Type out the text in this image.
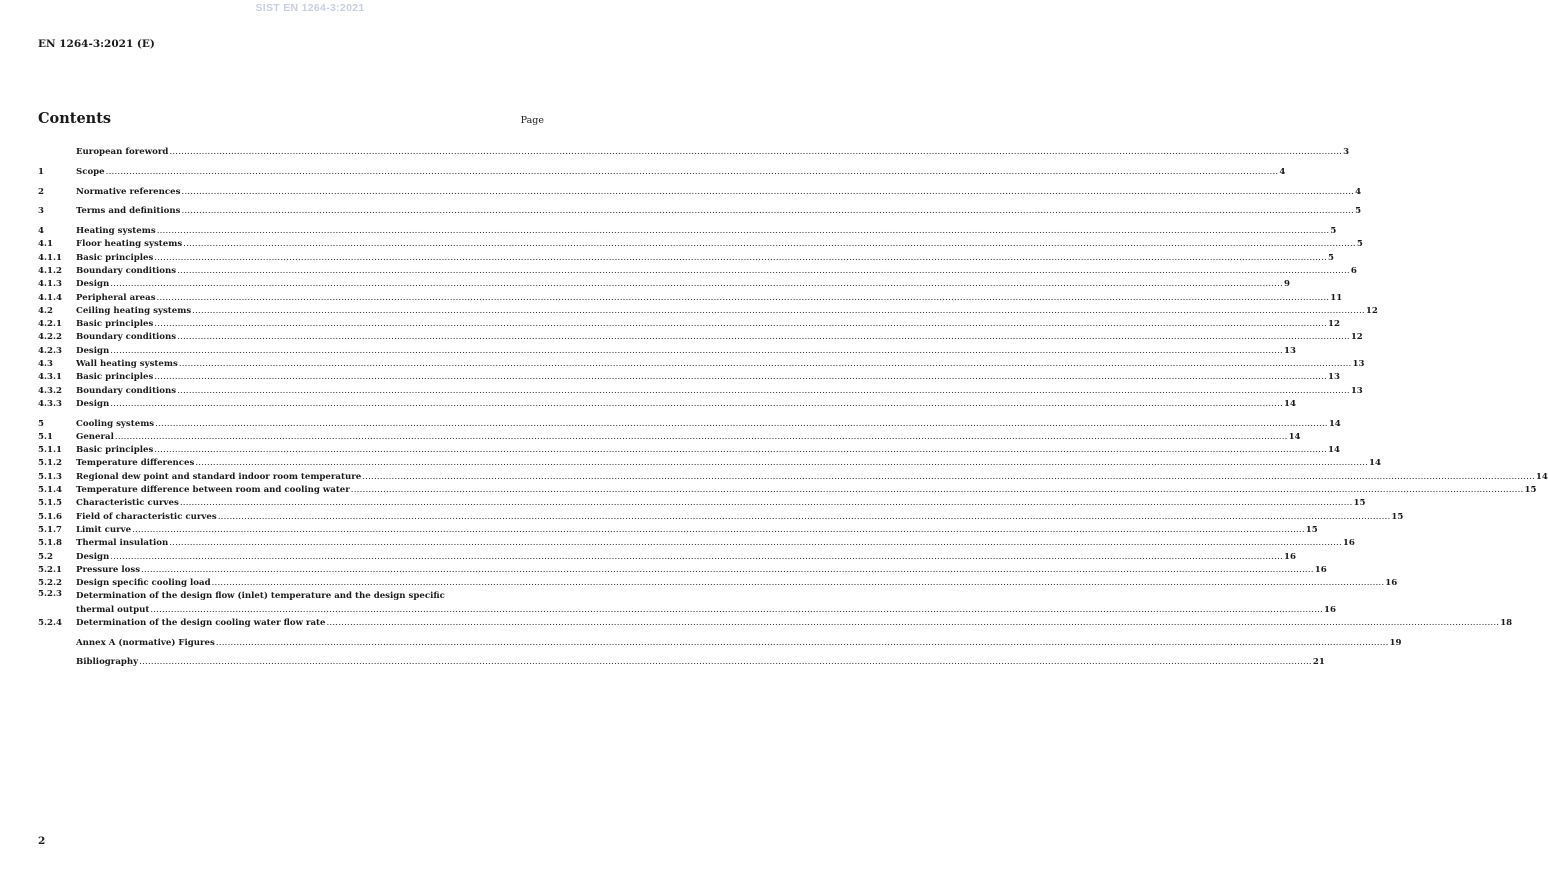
SIST EN 1264-3:2021
EN 1264-3:2021 (E)
Contents	Page
European foreword ................................................................................................................................................................................................................................................................................................................................................................................................................ 3
1	Scope ................................................................................................................................................................................................................................................................................................................................................................................................................ 4
2	Normative references ................................................................................................................................................................................................................................................................................................................................................................................................................ 4
3	Terms and definitions ................................................................................................................................................................................................................................................................................................................................................................................................................ 5
4	Heating systems ................................................................................................................................................................................................................................................................................................................................................................................................................ 5
4.1	Floor heating systems ................................................................................................................................................................................................................................................................................................................................................................................................................ 5
4.1.1	Basic principles ................................................................................................................................................................................................................................................................................................................................................................................................................ 5
4.1.2	Boundary conditions ................................................................................................................................................................................................................................................................................................................................................................................................................ 6
4.1.3	Design ................................................................................................................................................................................................................................................................................................................................................................................................................ 9
4.1.4	Peripheral areas ................................................................................................................................................................................................................................................................................................................................................................................................................ 11
4.2	Ceiling heating systems ................................................................................................................................................................................................................................................................................................................................................................................................................ 12
4.2.1	Basic principles ................................................................................................................................................................................................................................................................................................................................................................................................................ 12
4.2.2	Boundary conditions ................................................................................................................................................................................................................................................................................................................................................................................................................ 12
4.2.3	Design ................................................................................................................................................................................................................................................................................................................................................................................................................ 13
4.3	Wall heating systems ................................................................................................................................................................................................................................................................................................................................................................................................................ 13
4.3.1	Basic principles ................................................................................................................................................................................................................................................................................................................................................................................................................ 13
4.3.2	Boundary conditions ................................................................................................................................................................................................................................................................................................................................................................................................................ 13
4.3.3	Design ................................................................................................................................................................................................................................................................................................................................................................................................................ 14
5	Cooling systems ................................................................................................................................................................................................................................................................................................................................................................................................................ 14
5.1	General ................................................................................................................................................................................................................................................................................................................................................................................................................ 14
5.1.1	Basic principles ................................................................................................................................................................................................................................................................................................................................................................................................................ 14
5.1.2	Temperature differences ................................................................................................................................................................................................................................................................................................................................................................................................................ 14
5.1.3	Regional dew point and standard indoor room temperature ................................................................................................................................................................................................................................................................................................................................................................................................................ 14
5.1.4	Temperature difference between room and cooling water ................................................................................................................................................................................................................................................................................................................................................................................................................ 15
5.1.5	Characteristic curves ................................................................................................................................................................................................................................................................................................................................................................................................................ 15
5.1.6	Field of characteristic curves ................................................................................................................................................................................................................................................................................................................................................................................................................ 15
5.1.7	Limit curve ................................................................................................................................................................................................................................................................................................................................................................................................................ 15
5.1.8	Thermal insulation ................................................................................................................................................................................................................................................................................................................................................................................................................ 16
5.2	Design ................................................................................................................................................................................................................................................................................................................................................................................................................ 16
5.2.1	Pressure loss ................................................................................................................................................................................................................................................................................................................................................................................................................ 16
5.2.2	Design specific cooling load ................................................................................................................................................................................................................................................................................................................................................................................................................ 16
5.2.3	Determination of the design flow (inlet) temperature and the design specific
thermal output ................................................................................................................................................................................................................................................................................................................................................................................................................ 16
5.2.4	Determination of the design cooling water flow rate ................................................................................................................................................................................................................................................................................................................................................................................................................ 18
Annex A (normative) Figures ................................................................................................................................................................................................................................................................................................................................................................................................................ 19
Bibliography ................................................................................................................................................................................................................................................................................................................................................................................................................ 21
2
